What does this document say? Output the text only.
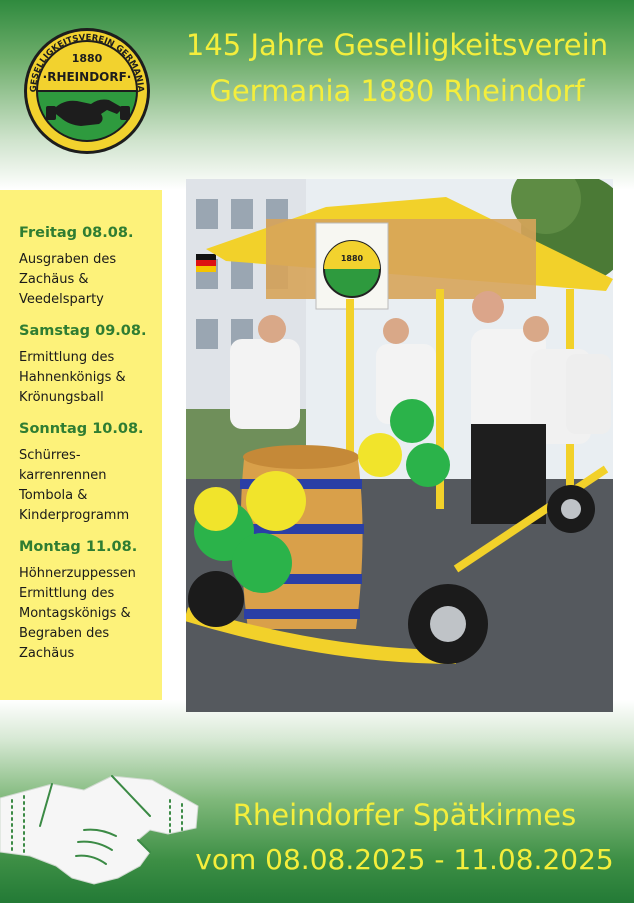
GESELLIGKEITSVEREIN GERMANIA
1880
·RHEINDORF·
145 Jahre Geselligkeitsverein
Germania 1880 Rheindorf
Freitag 08.08.
Ausgraben des
Zachäus &
Veedelsparty
Samstag 09.08.
Ermittlung des
Hahnenkönigs &
Krönungsball
Sonntag 10.08.
Schürres-
karrenrennen
Tombola &
Kinderprogramm
Montag 11.08.
Höhnerzuppessen
Ermittlung des
Montagskönigs &
Begraben des
Zachäus
1880
Rheindorfer Spätkirmes
vom 08.08.2025 - 11.08.2025
